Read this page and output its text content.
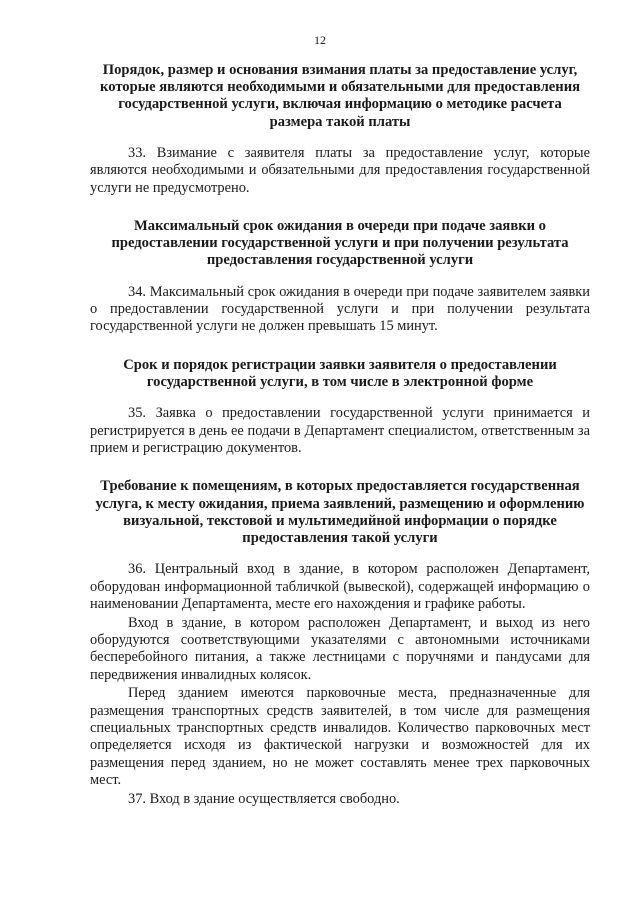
12

Порядок, размер и основания взимания платы за предоставление услуг, которые являются необходимыми и обязательными для предоставления государственной услуги, включая информацию о методике расчета размера такой платы

33. Взимание с заявителя платы за предоставление услуг, которые являются необходимыми и обязательными для предоставления государственной услуги не предусмотрено.

Максимальный срок ожидания в очереди при подаче заявки о предоставлении государственной услуги и при получении результата предоставления государственной услуги

34. Максимальный срок ожидания в очереди при подаче заявителем заявки о предоставлении государственной услуги и при получении результата государственной услуги не должен превышать 15 минут.

Срок и порядок регистрации заявки заявителя о предоставлении государственной услуги, в том числе в электронной форме

35. Заявка о предоставлении государственной услуги принимается и регистрируется в день ее подачи в Департамент специалистом, ответственным за прием и регистрацию документов.

Требование к помещениям, в которых предоставляется государственная услуга, к месту ожидания, приема заявлений, размещению и оформлению визуальной, текстовой и мультимедийной информации о порядке предоставления такой услуги

36. Центральный вход в здание, в котором расположен Департамент, оборудован информационной табличкой (вывеской), содержащей информацию о наименовании Департамента, месте его нахождения и графике работы.

Вход в здание, в котором расположен Департамент, и выход из него оборудуются соответствующими указателями с автономными источниками бесперебойного питания, а также лестницами с поручнями и пандусами для передвижения инвалидных колясок.

Перед зданием имеются парковочные места, предназначенные для размещения транспортных средств заявителей, в том числе для размещения специальных транспортных средств инвалидов. Количество парковочных мест определяется исходя из фактической нагрузки и возможностей для их размещения перед зданием, но не может составлять менее трех парковочных мест.

37. Вход в здание осуществляется свободно.
